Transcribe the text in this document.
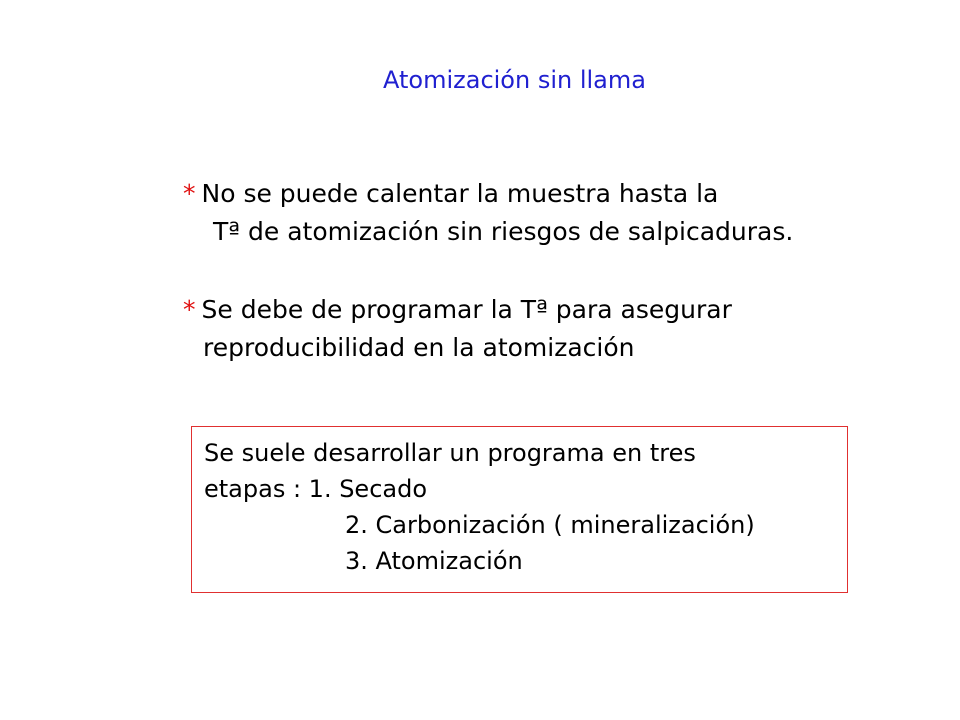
Atomización sin llama
* No se puede calentar la muestra hasta la
Tª de atomización sin riesgos de salpicaduras.
* Se debe de programar la Tª para asegurar
reproducibilidad en la atomización
Se suele desarrollar un programa en tres
etapas : 1. Secado
2. Carbonización ( mineralización)
3. Atomización
